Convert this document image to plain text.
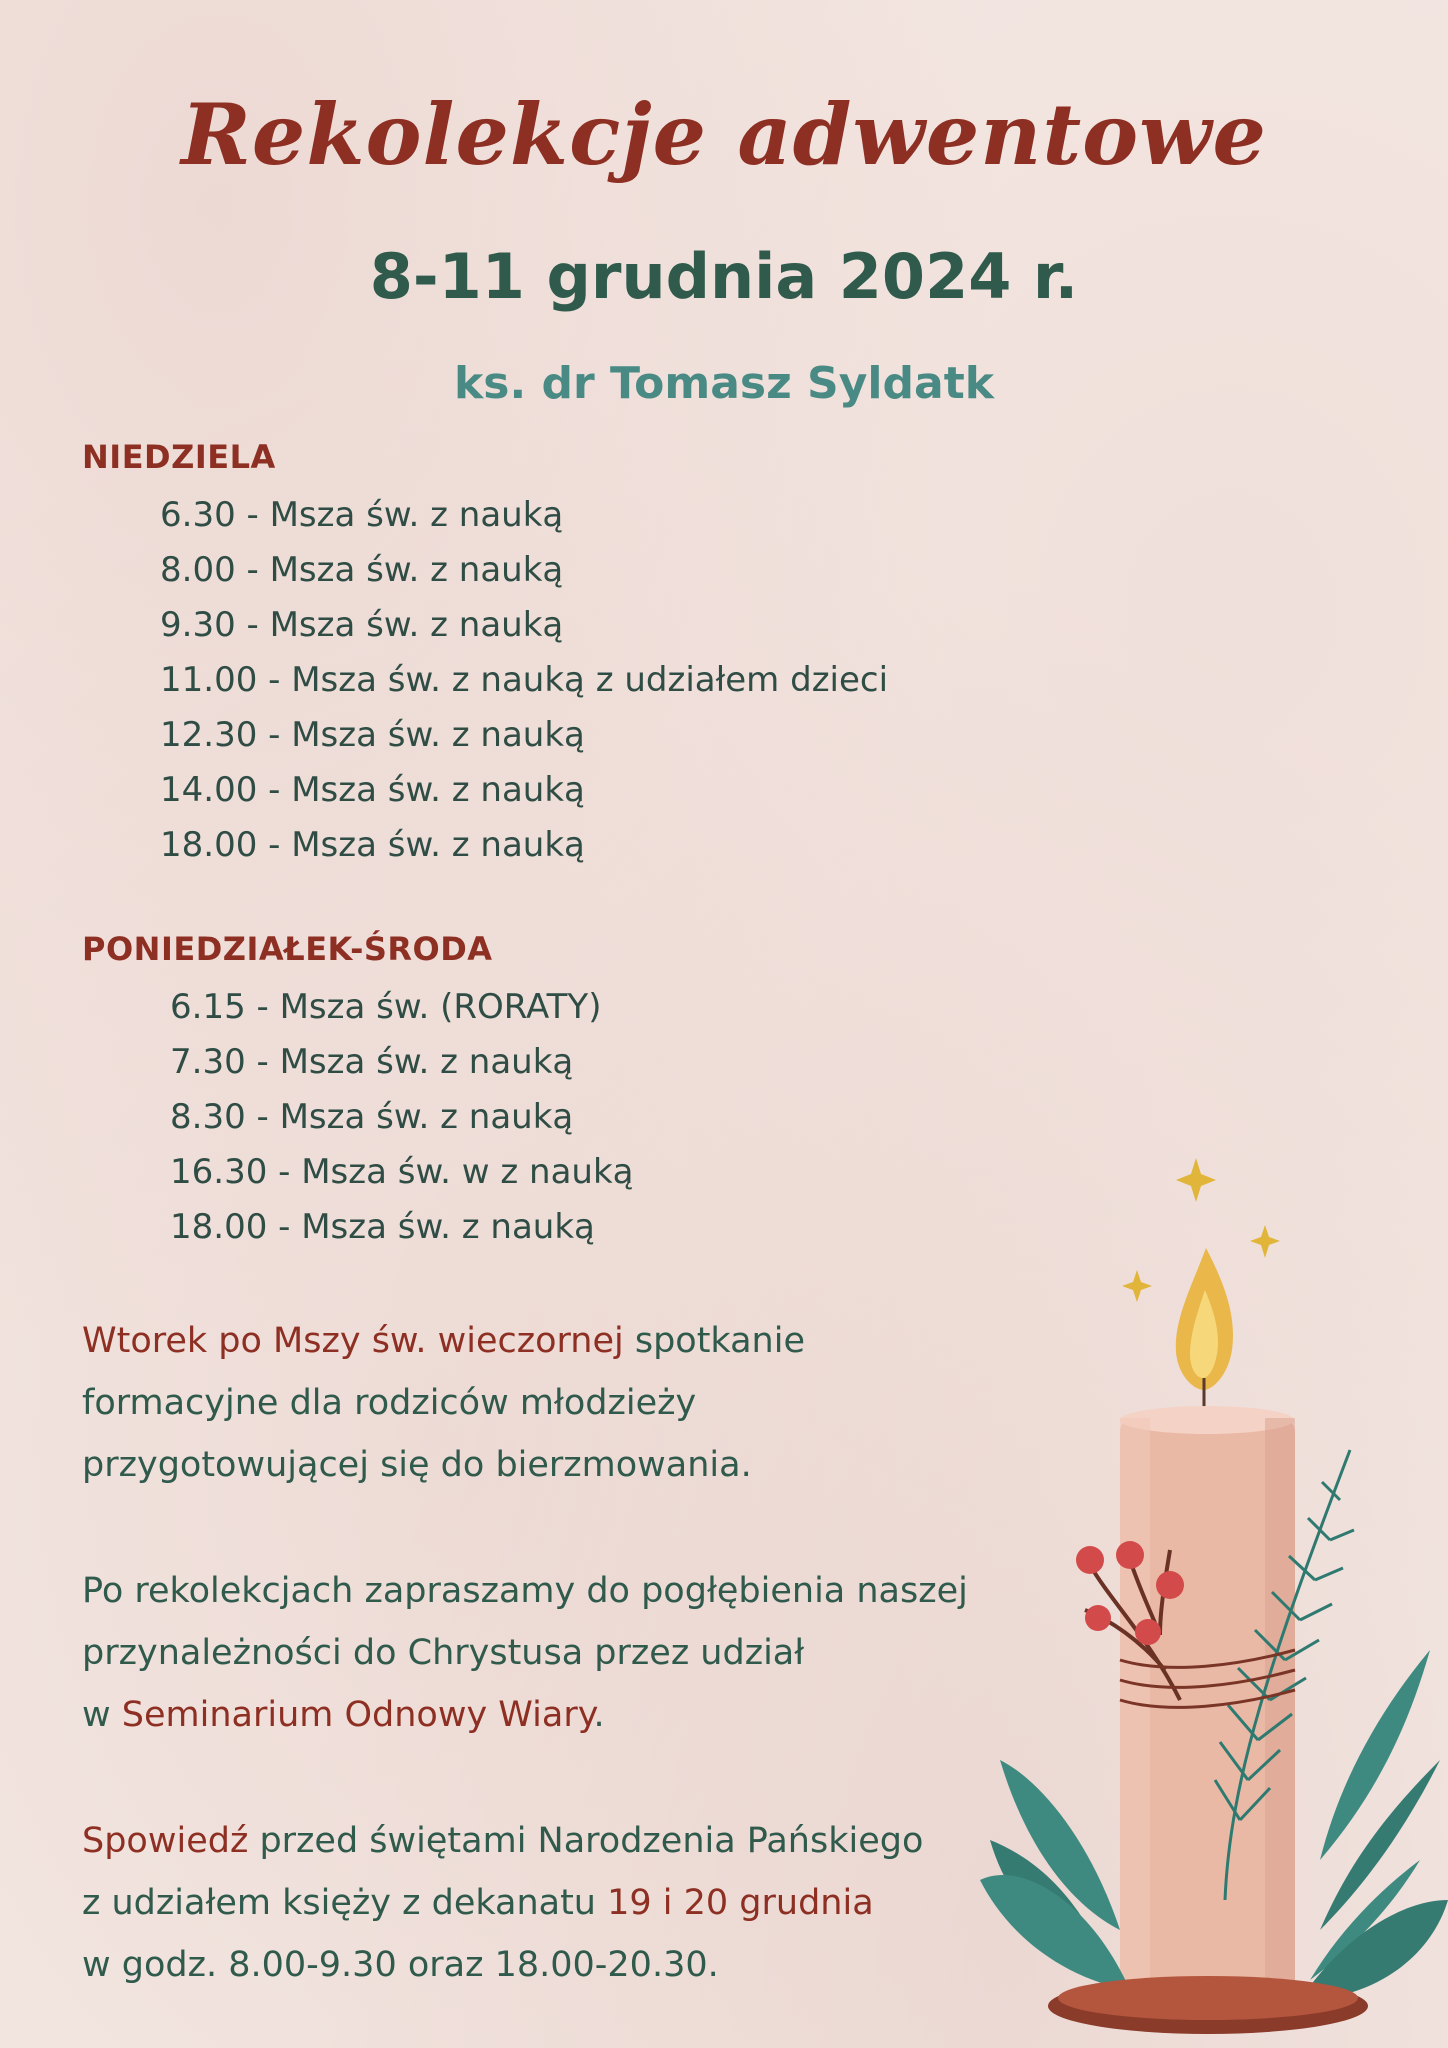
Rekolekcje adwentowe
8-11 grudnia 2024 r.
ks. dr Tomasz Syldatk
NIEDZIELA
6.30 - Msza św. z nauką
8.00 - Msza św. z nauką
9.30 - Msza św. z nauką
11.00 - Msza św. z nauką z udziałem dzieci
12.30 - Msza św. z nauką
14.00 - Msza św. z nauką
18.00 - Msza św. z nauką
PONIEDZIAŁEK-ŚRODA
6.15 - Msza św. (RORATY)
7.30 - Msza św. z nauką
8.30 - Msza św. z nauką
16.30 - Msza św. w z nauką
18.00 - Msza św. z nauką

Wtorek po Mszy św. wieczornej spotkanie
formacyjne dla rodziców młodzieży
przygotowującej się do bierzmowania.

Po rekolekcjach zapraszamy do pogłębienia naszej
przynależności do Chrystusa przez udział
w Seminarium Odnowy Wiary.

Spowiedź przed świętami Narodzenia Pańskiego
z udziałem księży z dekanatu 19 i 20 grudnia
w godz. 8.00-9.30 oraz 18.00-20.30.
